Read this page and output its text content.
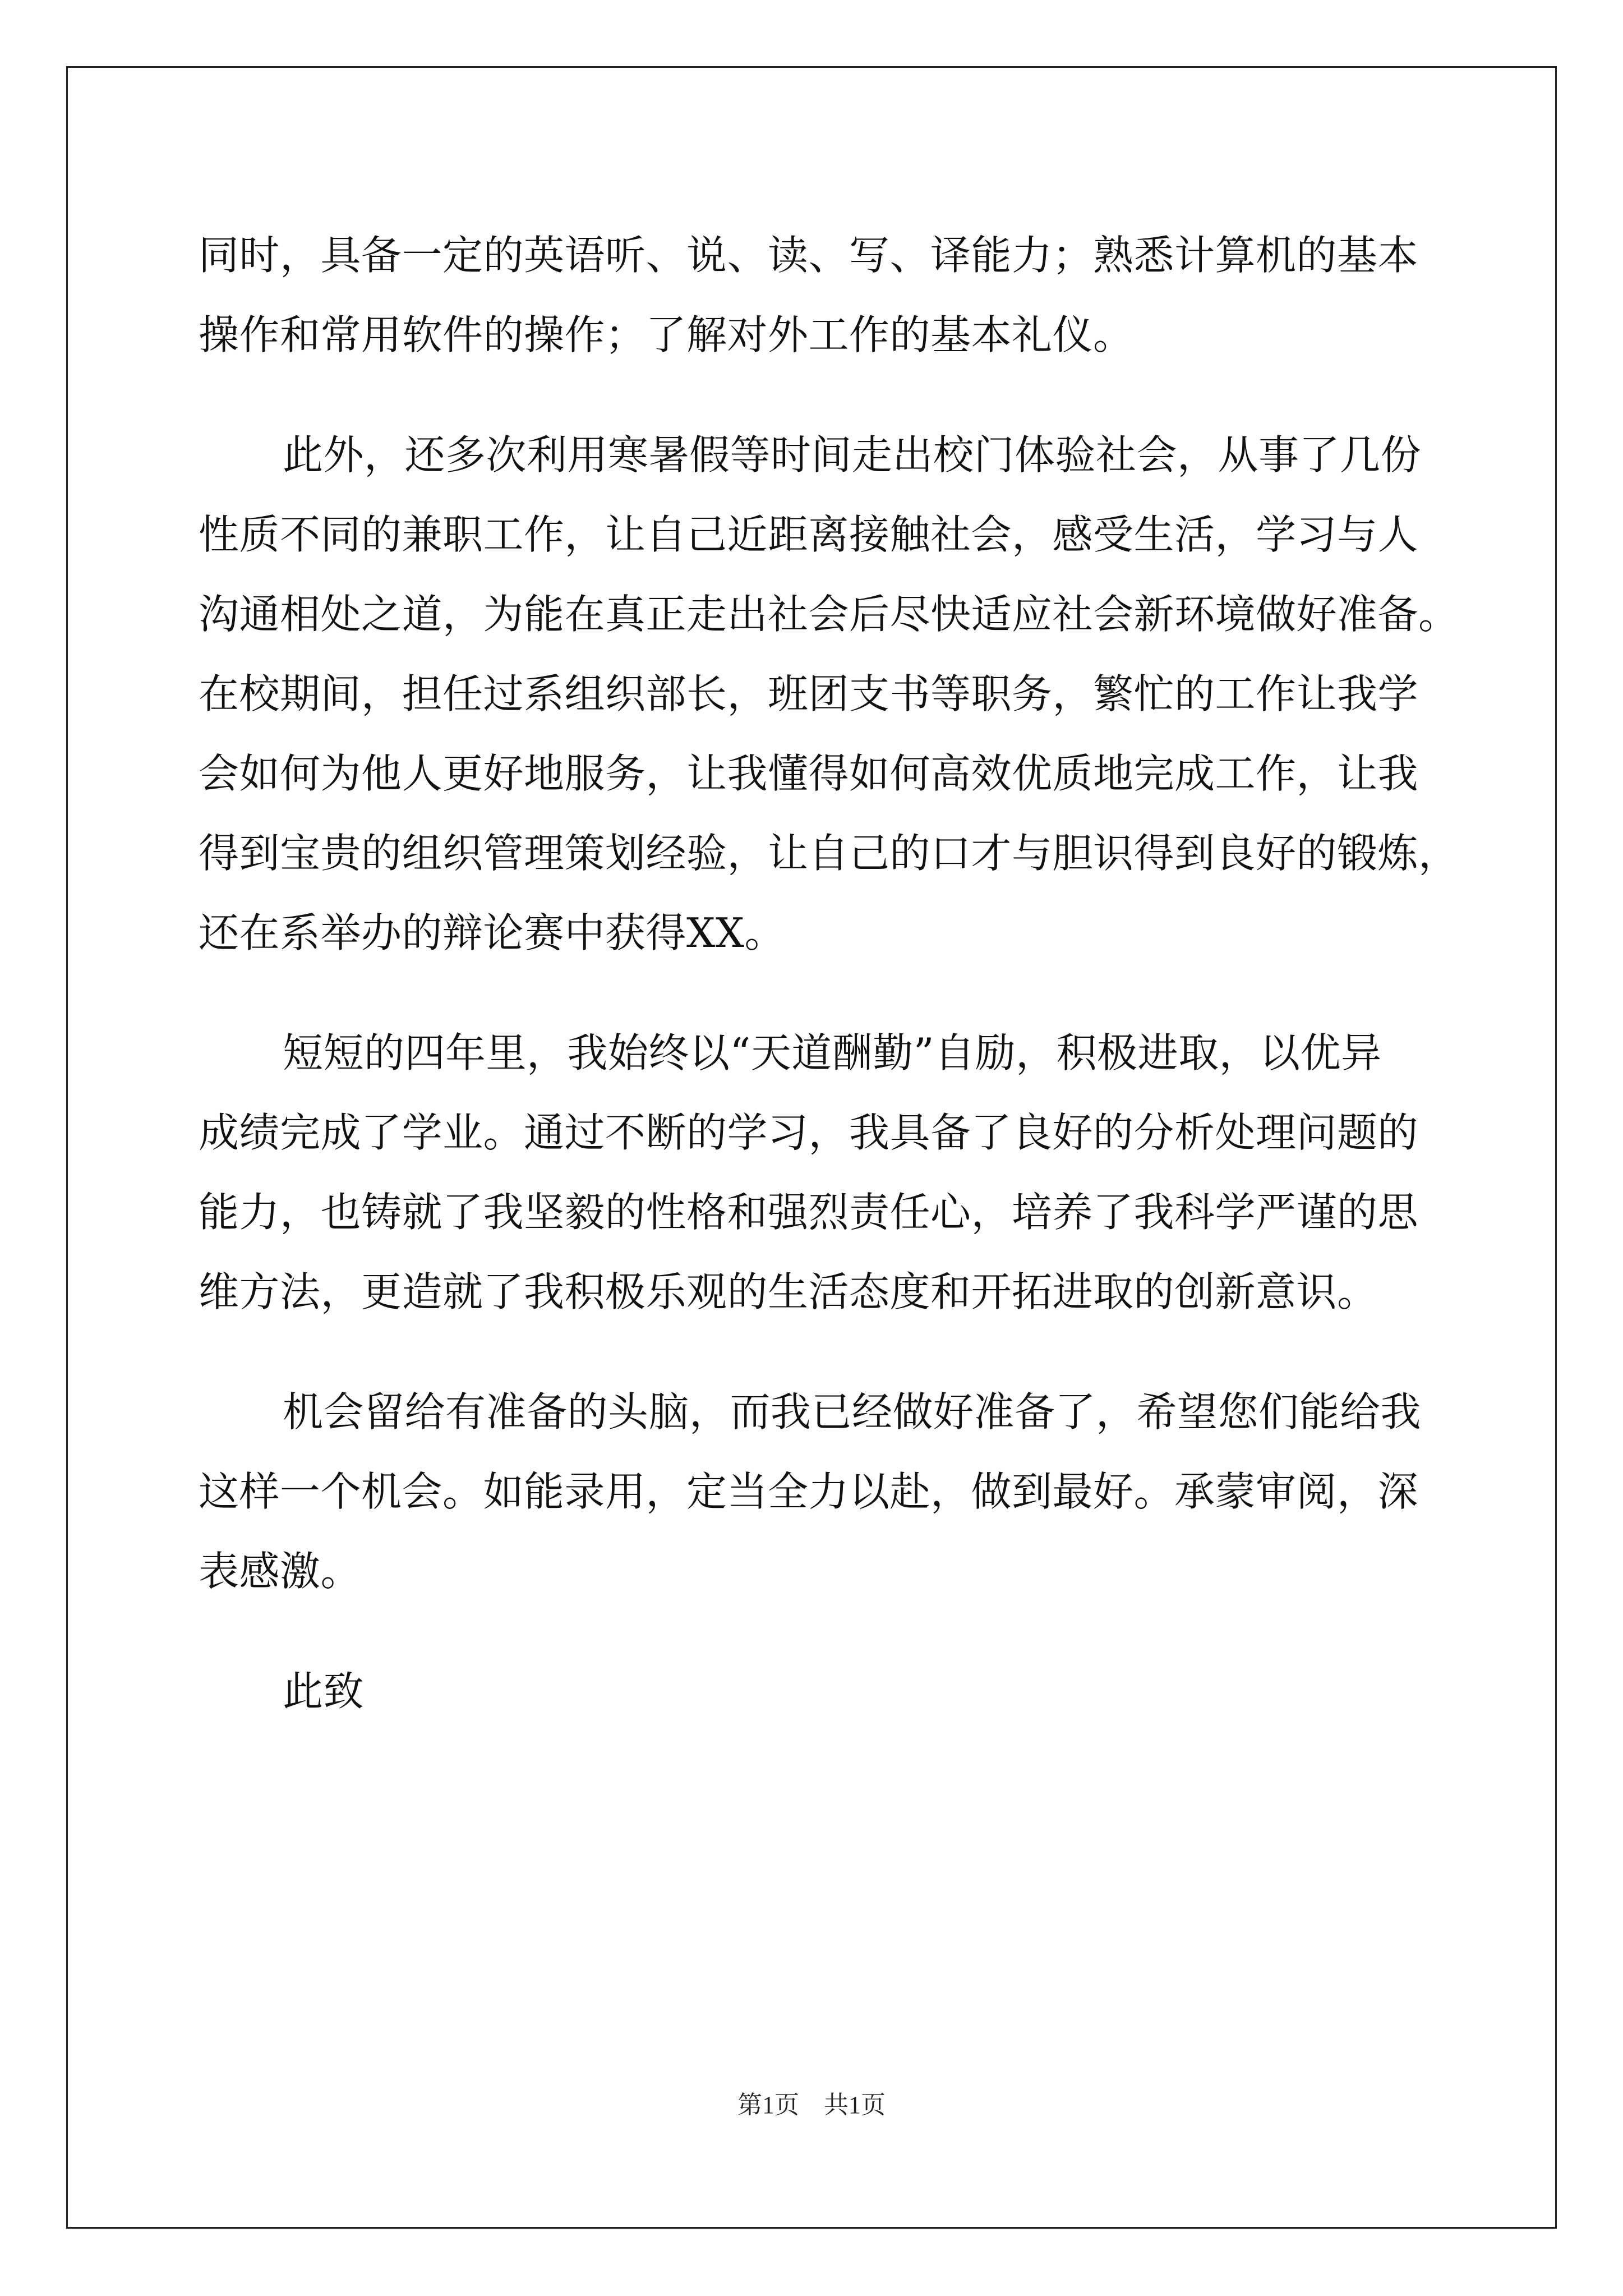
同时，具备一定的英语听、说、读、写、译能力；熟悉计算机的基本
操作和常用软件的操作；了解对外工作的基本礼仪。
此外，还多次利用寒暑假等时间走出校门体验社会，从事了几份
性质不同的兼职工作，让自己近距离接触社会，感受生活，学习与人
沟通相处之道，为能在真正走出社会后尽快适应社会新环境做好准备。
在校期间，担任过系组织部长，班团支书等职务，繁忙的工作让我学
会如何为他人更好地服务，让我懂得如何高效优质地完成工作，让我
得到宝贵的组织管理策划经验，让自己的口才与胆识得到良好的锻炼，
还在系举办的辩论赛中获得XX。
短短的四年里，我始终以“天道酬勤”自励，积极进取，以优异
成绩完成了学业。通过不断的学习，我具备了良好的分析处理问题的
能力，也铸就了我坚毅的性格和强烈责任心，培养了我科学严谨的思
维方法，更造就了我积极乐观的生活态度和开拓进取的创新意识。
机会留给有准备的头脑，而我已经做好准备了，希望您们能给我
这样一个机会。如能录用，定当全力以赴，做到最好。承蒙审阅，深
表感激。
此致
第1页　共1页
